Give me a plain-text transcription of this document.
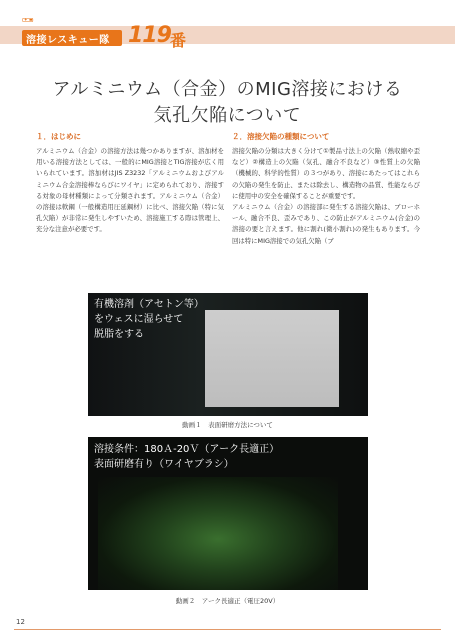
溶接レスキュー隊 119 番
アルミニウム（合金）のMIG溶接における
気孔欠陥について

１．はじめに

アルミニウム（合金）の溶接方法は幾つかありますが、溶加材を用いる溶接方法としては、一般的にMIG溶接とTIG溶接が広く用いられています。溶加材はJIS Z3232「アルミニウムおよびアルミニウム合金溶接棒ならびにワイヤ」に定められており、溶接する対象の母材種類によって分類されます。アルミニウム（合金）の溶接は軟鋼（一般構造用圧延鋼材）に比べ、溶接欠陥（特に気孔欠陥）が非常に発生しやすいため、溶接施工する際は管理上、充分な注意が必要です。

２．溶接欠陥の種類について

溶接欠陥の分類は大きく分けて①製品寸法上の欠陥（熱収縮や歪など）②構造上の欠陥（気孔、融合不良など）③性質上の欠陥（機械的、科学的性質）の３つがあり、溶接にあたってはこれらの欠陥の発生を防止、または除去し、構造物の品質、性能ならびに使用中の安全を確保することが重要です。

アルミニウム（合金）の溶接部に発生する溶接欠陥は、ブローホール、融合不良、歪みであり、この防止がアルミニウム(合金)の溶接の要と言えます。他に割れ(微小割れ)の発生もあります。今回は特にMIG溶接での気孔欠陥（ブ

有機溶剤（アセトン等）
をウェスに湿らせて
脱脂をする
動画１　表面研磨方法について
溶接条件：180Ａ-20Ｖ（アーク長適正）
表面研磨有り（ワイヤブラシ）
動画２　アーク長適正（電圧20V）
12
